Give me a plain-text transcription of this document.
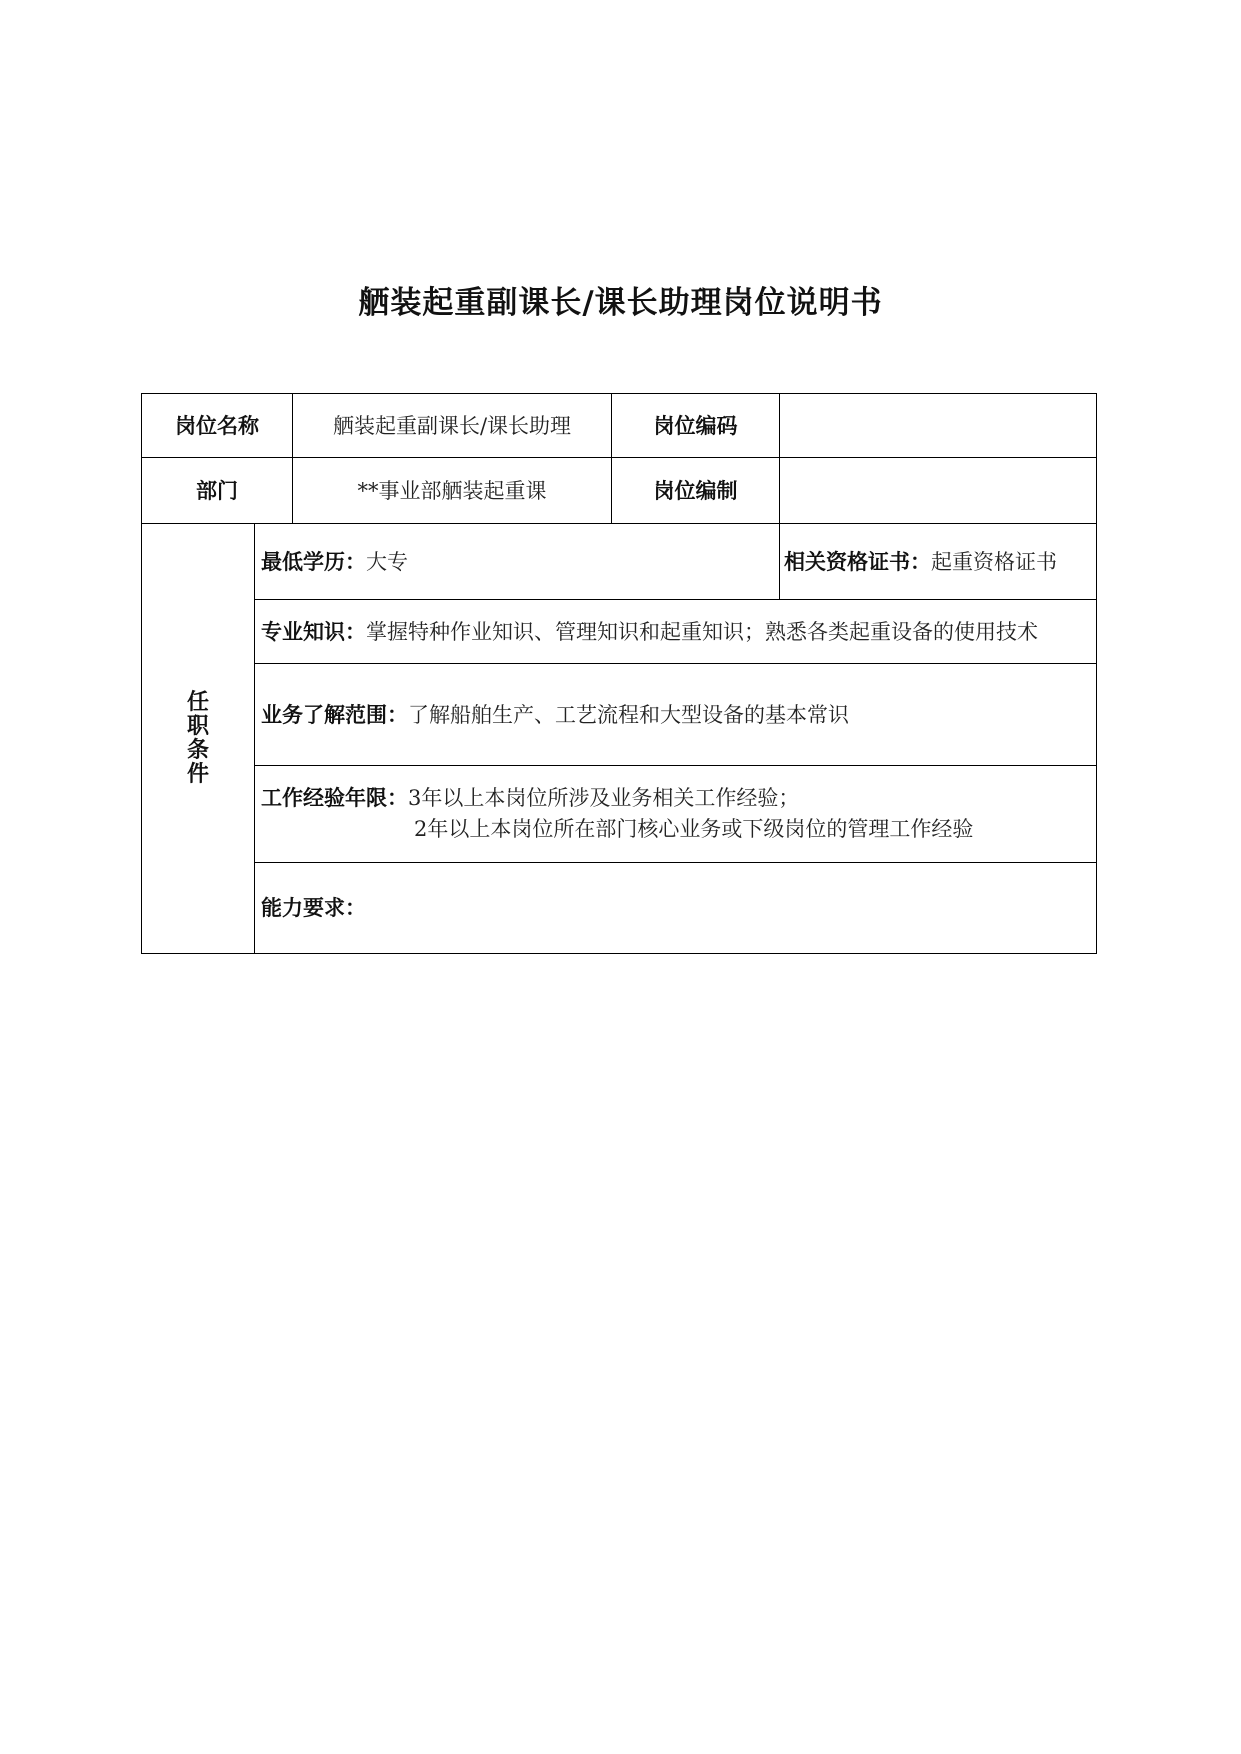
舾装起重副课长/课长助理岗位说明书
岗位名称	舾装起重副课长/课长助理	岗位编码
部门	**事业部舾装起重课	岗位编制
任
职
条
件
最低学历： 大专	相关资格证书： 起重资格证书
专业知识： 掌握特种作业知识、管理知识和起重知识；熟悉各类起重设备的使用技术
业务了解范围： 了解船舶生产、工艺流程和大型设备的基本常识
工作经验年限：3年以上本岗位所涉及业务相关工作经验；
2年以上本岗位所在部门核心业务或下级岗位的管理工作经验
能力要求：
